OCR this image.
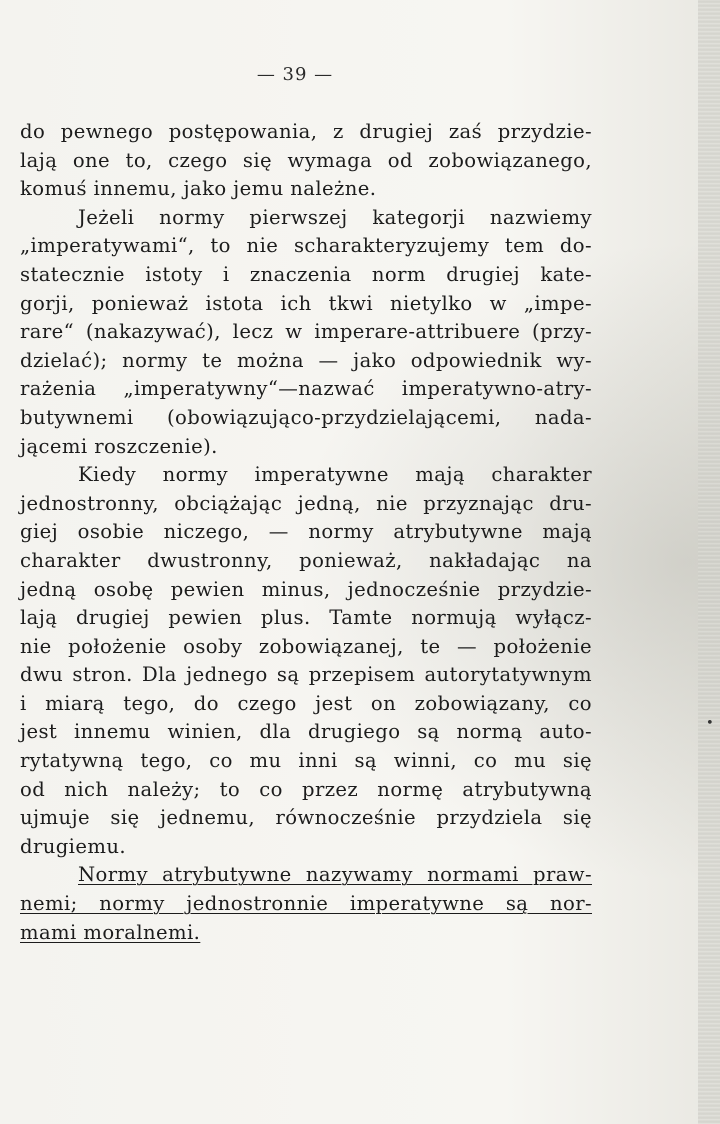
— 39 —
do pewnego postępowania, z drugiej zaś przydzie-
lają one to, czego się wymaga od zobowiązanego,
komuś innemu, jako jemu należne.
Jeżeli normy pierwszej kategorji nazwiemy
„imperatywami“, to nie scharakteryzujemy tem do-
statecznie istoty i znaczenia norm drugiej kate-
gorji, ponieważ istota ich tkwi nietylko w „impe-
rare“ (nakazywać), lecz w imperare-attribuere (przy-
dzielać); normy te można — jako odpowiednik wy-
rażenia „imperatywny“—nazwać imperatywno-atry-
butywnemi (obowiązująco-przydzielającemi, nada-
jącemi roszczenie).
Kiedy normy imperatywne mają charakter
jednostronny, obciążając jedną, nie przyznając dru-
giej osobie niczego, — normy atrybutywne mają
charakter dwustronny, ponieważ, nakładając na
jedną osobę pewien minus, jednocześnie przydzie-
lają drugiej pewien plus. Tamte normują wyłącz-
nie położenie osoby zobowiązanej, te — położenie
dwu stron. Dla jednego są przepisem autorytatywnym
i miarą tego, do czego jest on zobowiązany, co
jest innemu winien, dla drugiego są normą auto-
rytatywną tego, co mu inni są winni, co mu się
od nich należy; to co przez normę atrybutywną
ujmuje się jednemu, równocześnie przydziela się
drugiemu.
Normy atrybutywne nazywamy normami praw-
nemi; normy jednostronnie imperatywne są nor-
mami moralnemi.
•
